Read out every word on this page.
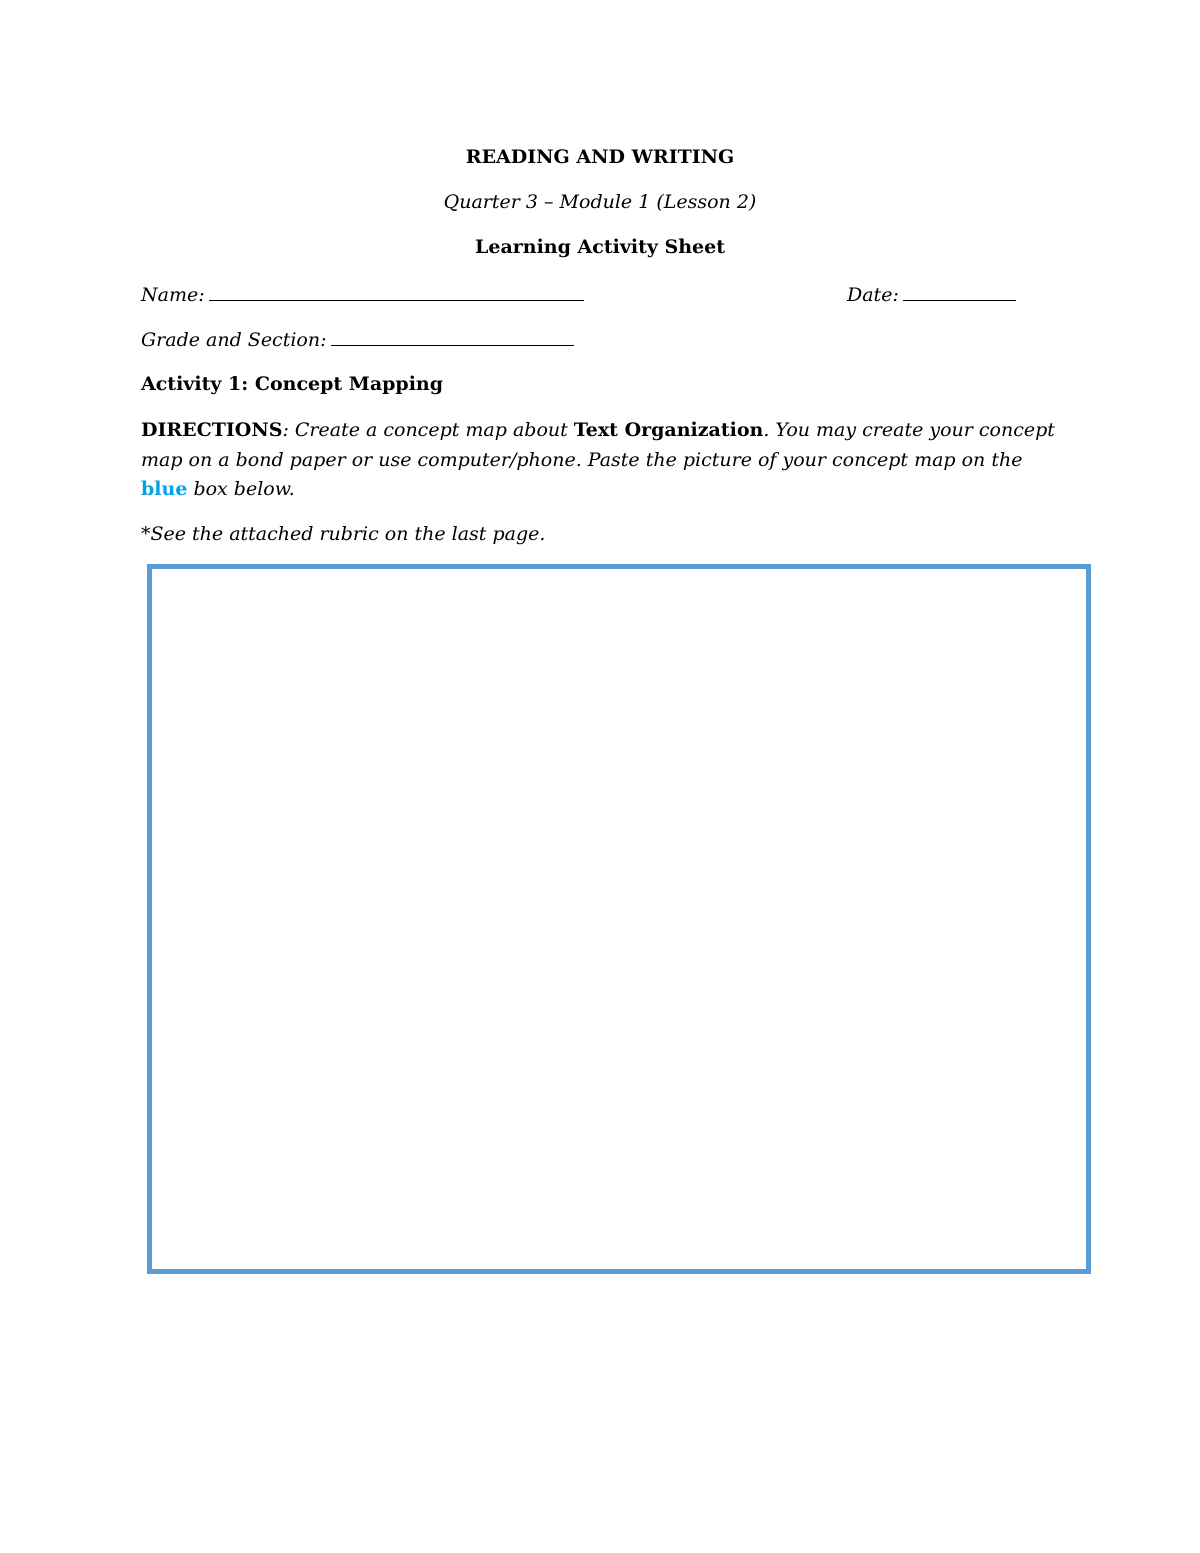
READING AND WRITING
Quarter 3 – Module 1 (Lesson 2)
Learning Activity Sheet
Name:	Date:
Grade and Section:
Activity 1: Concept Mapping
DIRECTIONS: Create a concept map about Text Organization. You may create your concept map on a bond paper or use computer/phone. Paste the picture of your concept map on the blue box below.
*See the attached rubric on the last page.
